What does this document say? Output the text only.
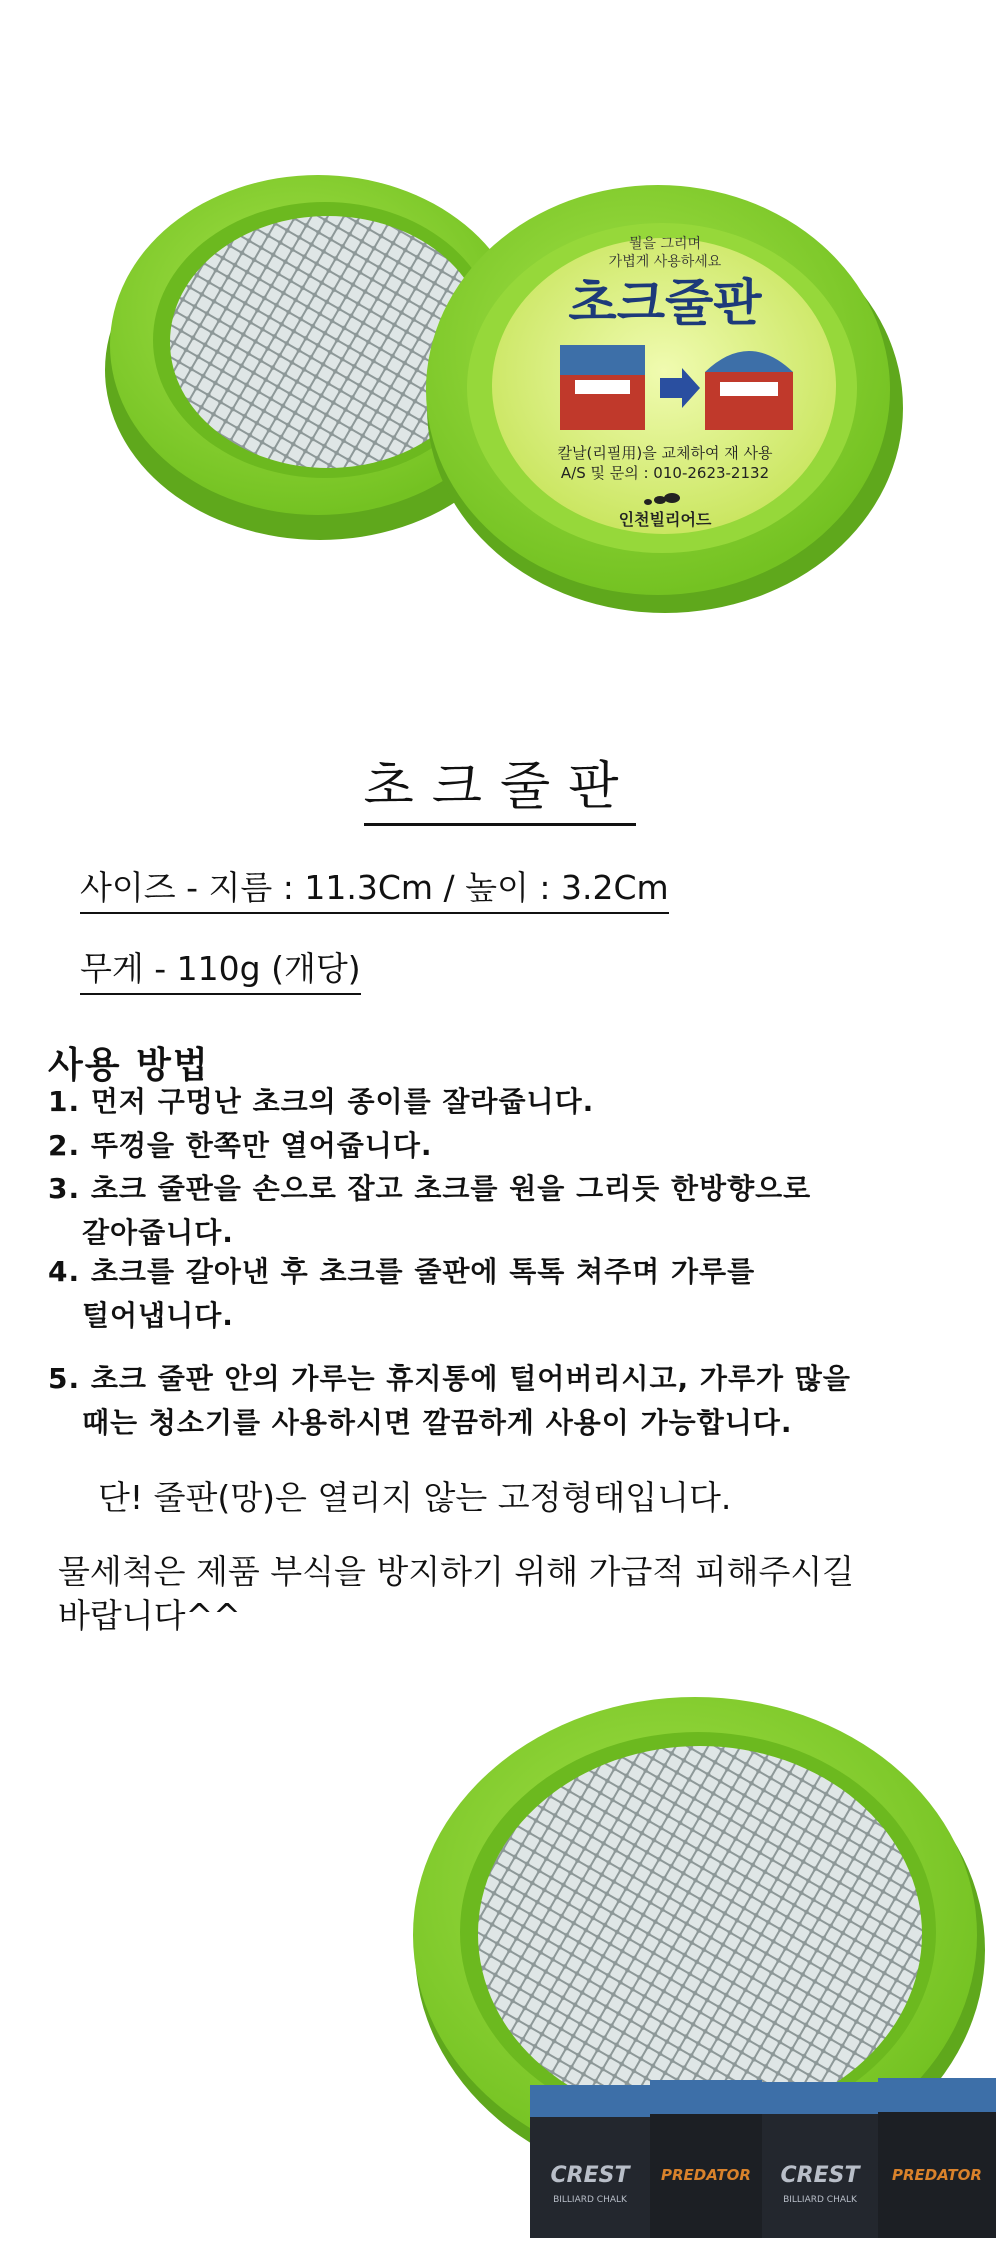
뭘을 그리며
가볍게 사용하세요
초크줄판
칼날(리필用)을 교체하여 재 사용
A/S 및 문의 : 010-2623-2132
인천빌리어드
초크줄판
사이즈 - 지름 : 11.3Cm / 높이 : 3.2Cm
무게 - 110g (개당)
사용 방법
1. 먼저 구멍난 초크의 종이를 잘라줍니다.
2. 뚜껑을 한쪽만 열어줍니다.
3. 초크 줄판을 손으로 잡고 초크를 원을 그리듯 한방향으로
갈아줍니다.
4. 초크를 갈아낸 후 초크를 줄판에 톡톡 쳐주며 가루를
털어냅니다.
5. 초크 줄판 안의 가루는 휴지통에 털어버리시고, 가루가 많을
때는 청소기를 사용하시면 깔끔하게 사용이 가능합니다.
단! 줄판(망)은 열리지 않는 고정형태입니다.
물세척은 제품 부식을 방지하기 위해 가급적 피해주시길
바랍니다^^
CREST
BILLIARD CHALK
PREDATOR CREST
BILLIARD CHALK
PREDATOR
